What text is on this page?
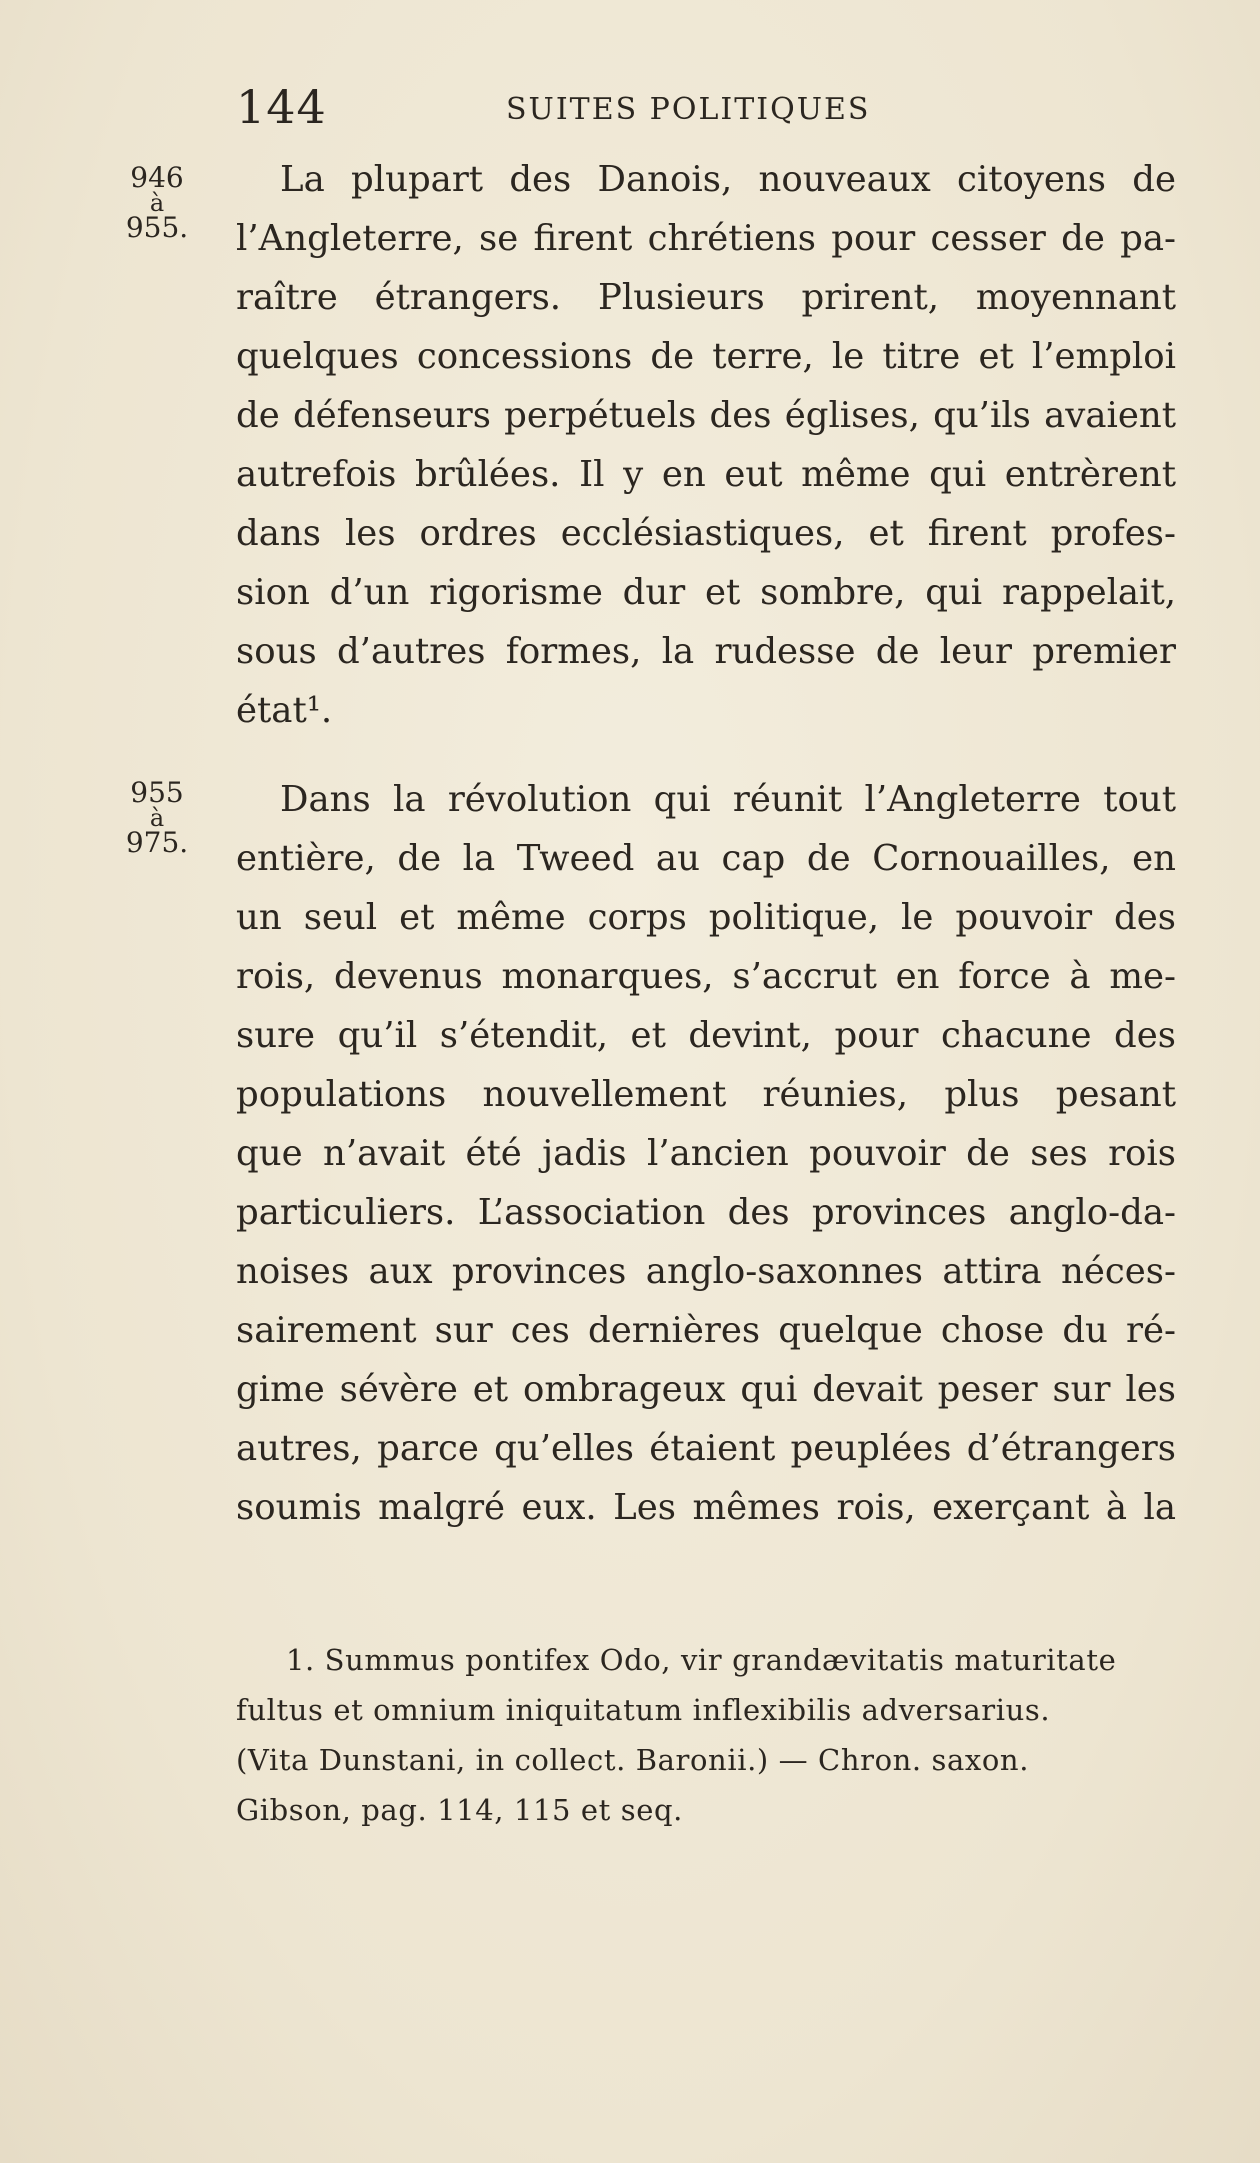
144	SUITES POLITIQUES
946
à
955.
955
à
975.
La plupart des Danois, nouveaux citoyens de
l’Angleterre, se firent chrétiens pour cesser de pa-
raître étrangers. Plusieurs prirent, moyennant
quelques concessions de terre, le titre et l’emploi
de défenseurs perpétuels des églises, qu’ils avaient
autrefois brûlées. Il y en eut même qui entrèrent
dans les ordres ecclésiastiques, et firent profes-
sion d’un rigorisme dur et sombre, qui rappelait,
sous d’autres formes, la rudesse de leur premier
état¹.
Dans la révolution qui réunit l’Angleterre tout
entière, de la Tweed au cap de Cornouailles, en
un seul et même corps politique, le pouvoir des
rois, devenus monarques, s’accrut en force à me-
sure qu’il s’étendit, et devint, pour chacune des
populations nouvellement réunies, plus pesant
que n’avait été jadis l’ancien pouvoir de ses rois
particuliers. L’association des provinces anglo-da-
noises aux provinces anglo-saxonnes attira néces-
sairement sur ces dernières quelque chose du ré-
gime sévère et ombrageux qui devait peser sur les
autres, parce qu’elles étaient peuplées d’étrangers
soumis malgré eux. Les mêmes rois, exerçant à la
1. Summus pontifex Odo, vir grandævitatis maturitate
fultus et omnium iniquitatum inflexibilis adversarius.
(Vita Dunstani, in collect. Baronii.) — Chron. saxon.
Gibson, pag. 114, 115 et seq.
